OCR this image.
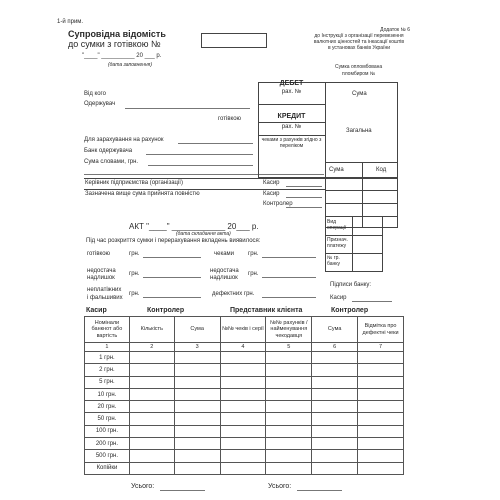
1-й прим.
Супровідна відомість
до сумки з готівкою №
"____" __________ 20 ___ р.
(дата заповнення)
Додаток № 6
до Інструкції з організації перевезення
валютних цінностей та інкасації коштів
в установах банків України
Сумка опломбована
пломбиром №
Від кого
Одержувач
готівкою
Для зарахування на рахунок
Банк одержувача
Сума словами, грн.
ДЕБЕТ
рах. №	Сума
КРЕДИТ
рах. №
Загальна
чеками з рахунків згідно з переліком
Сума	Код
Керівник підприємства (організації)	Касир
Зазначена вище сума прийнята повністю	Касир
Контролер
АКТ "____" ____________ 20___ р.
(дата складання акта)
Під час розкриття сумки і перерахування вкладень виявилося:
готівкою	грн.	чеками грн.
недостача
надлишок
грн.	недостача
надлишок
грн.
неплатіжних
і фальшивих
грн.	дефектних грн.
Підписи банку:
Касир
Вид операції
Признач. платежу
№ гр. банку
Касир	Контролер	Представник клієнта	Контролер
Номінали банкнот або вартість	Кількість	Сума	№№ чеків і серії	№№ рахунків / найменування чекодавця	Сума	Відмітка про дефектні чеки
1	2	3	4	5	6	7
1 грн.						
2 грн.						
5 грн.						
10 грн.						
20 грн.						
50 грн.						
100 грн.						
200 грн.						
500 грн.						
Копійки						
Усього:	Усього:
